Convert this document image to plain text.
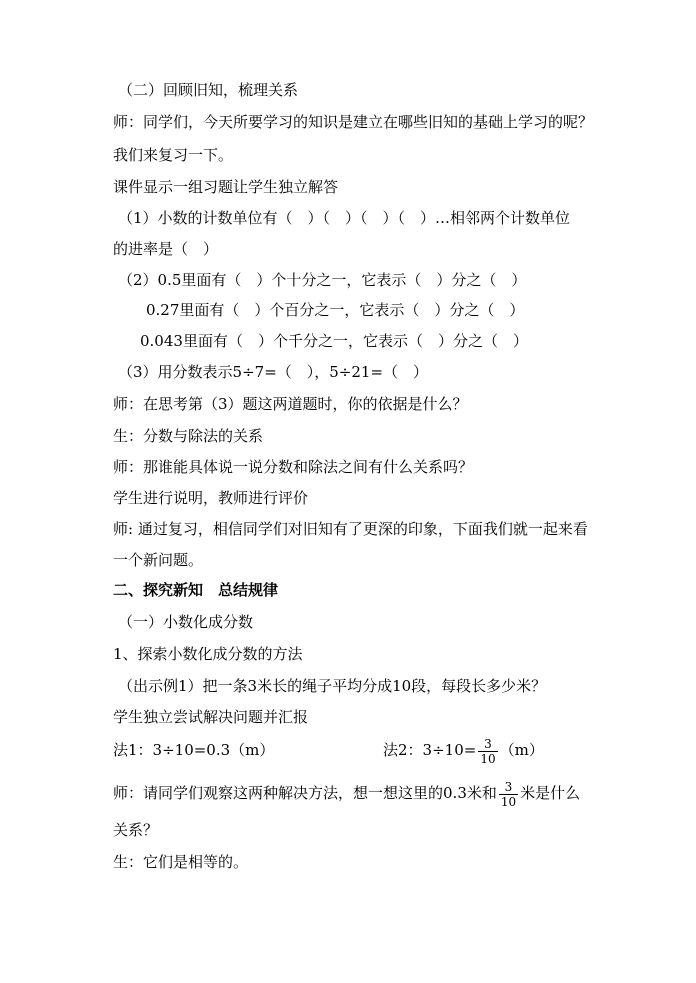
（二）回顾旧知，梳理关系
师：同学们，今天所要学习的知识是建立在哪些旧知的基础上学习的呢？
我们来复习一下。
课件显示一组习题让学生独立解答
（1）小数的计数单位有（　）（　）（　）（　）…相邻两个计数单位
的进率是（　）
（2）0.5里面有（　）个十分之一，它表示（　）分之（　）
0.27里面有（　）个百分之一，它表示（　）分之（　）
0.043里面有（　）个千分之一，它表示（　）分之（　）
（3）用分数表示5÷7=（　），5÷21=（　）
师：在思考第（3）题这两道题时，你的依据是什么？
生：分数与除法的关系
师：那谁能具体说一说分数和除法之间有什么关系吗？
学生进行说明，教师进行评价
师: 通过复习，相信同学们对旧知有了更深的印象，下面我们就一起来看
一个新问题。
二、探究新知　总结规律
（一）小数化成分数
1、探索小数化成分数的方法
（出示例1）把一条3米长的绳子平均分成10段，每段长多少米？
学生独立尝试解决问题并汇报
法1：3÷10=0.3（m）	法2：$3\div 10= \frac{3}{10} (m)$
师：请同学们观察这两种解决方法，想一想这里的0.3米和 $\frac{3}{10}$ 米是什么
关系？
生：它们是相等的。
